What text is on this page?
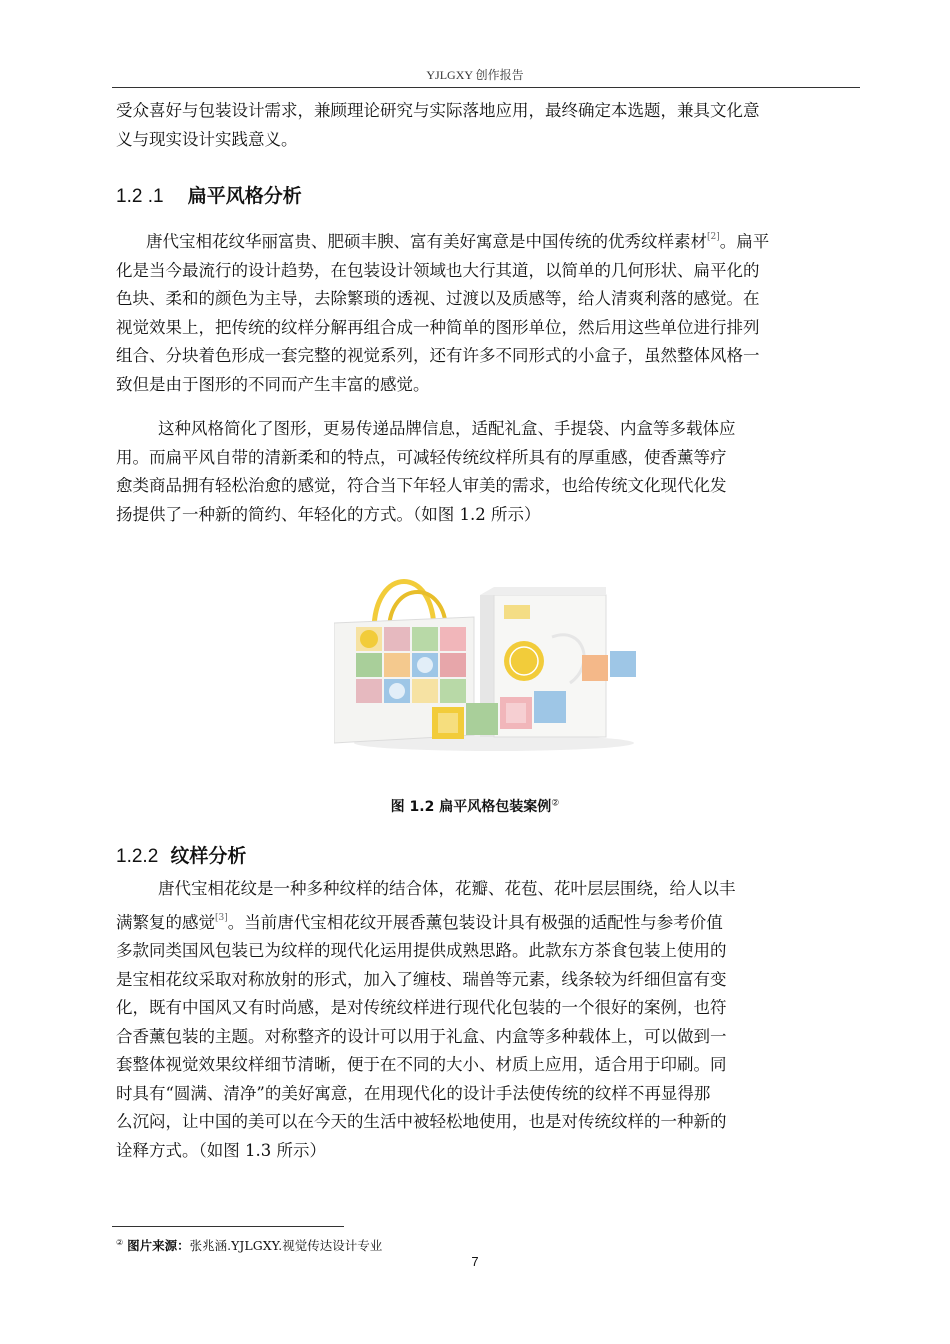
YJLGXY 创作报告
受众喜好与包装设计需求，兼顾理论研究与实际落地应用，最终确定本选题，兼具文化意
义与现实设计实践意义。
1.2 .1 扁平风格分析
唐代宝相花纹华丽富贵、肥硕丰腴、富有美好寓意是中国传统的优秀纹样素材[2]。扁平
化是当今最流行的设计趋势，在包装设计领域也大行其道，以简单的几何形状、扁平化的
色块、柔和的颜色为主导，去除繁琐的透视、过渡以及质感等，给人清爽利落的感觉。在
视觉效果上，把传统的纹样分解再组合成一种简单的图形单位，然后用这些单位进行排列
组合、分块着色形成一套完整的视觉系列，还有许多不同形式的小盒子，虽然整体风格一
致但是由于图形的不同而产生丰富的感觉。
这种风格简化了图形，更易传递品牌信息，适配礼盒、手提袋、内盒等多载体应
用。而扁平风自带的清新柔和的特点，可减轻传统纹样所具有的厚重感，使香薰等疗
愈类商品拥有轻松治愈的感觉，符合当下年轻人审美的需求，也给传统文化现代化发
扬提供了一种新的简约、年轻化的方式。（如图 1.2 所示）
图 1.2 扁平风格包装案例②
1.2.2 纹样分析
唐代宝相花纹是一种多种纹样的结合体，花瓣、花苞、花叶层层围绕，给人以丰
满繁复的感觉[3]。当前唐代宝相花纹开展香薰包装设计具有极强的适配性与参考价值
多款同类国风包装已为纹样的现代化运用提供成熟思路。此款东方茶食包装上使用的
是宝相花纹采取对称放射的形式，加入了缠枝、瑞兽等元素，线条较为纤细但富有变
化，既有中国风又有时尚感，是对传统纹样进行现代化包装的一个很好的案例，也符
合香薰包装的主题。对称整齐的设计可以用于礼盒、内盒等多种载体上，可以做到一
套整体视觉效果纹样细节清晰，便于在不同的大小、材质上应用，适合用于印刷。同
时具有“圆满、清净”的美好寓意，在用现代化的设计手法使传统的纹样不再显得那
么沉闷，让中国的美可以在今天的生活中被轻松地使用，也是对传统纹样的一种新的
诠释方式。（如图 1.3 所示）
② 图片来源：张兆涵.YJLGXY.视觉传达设计专业
7
